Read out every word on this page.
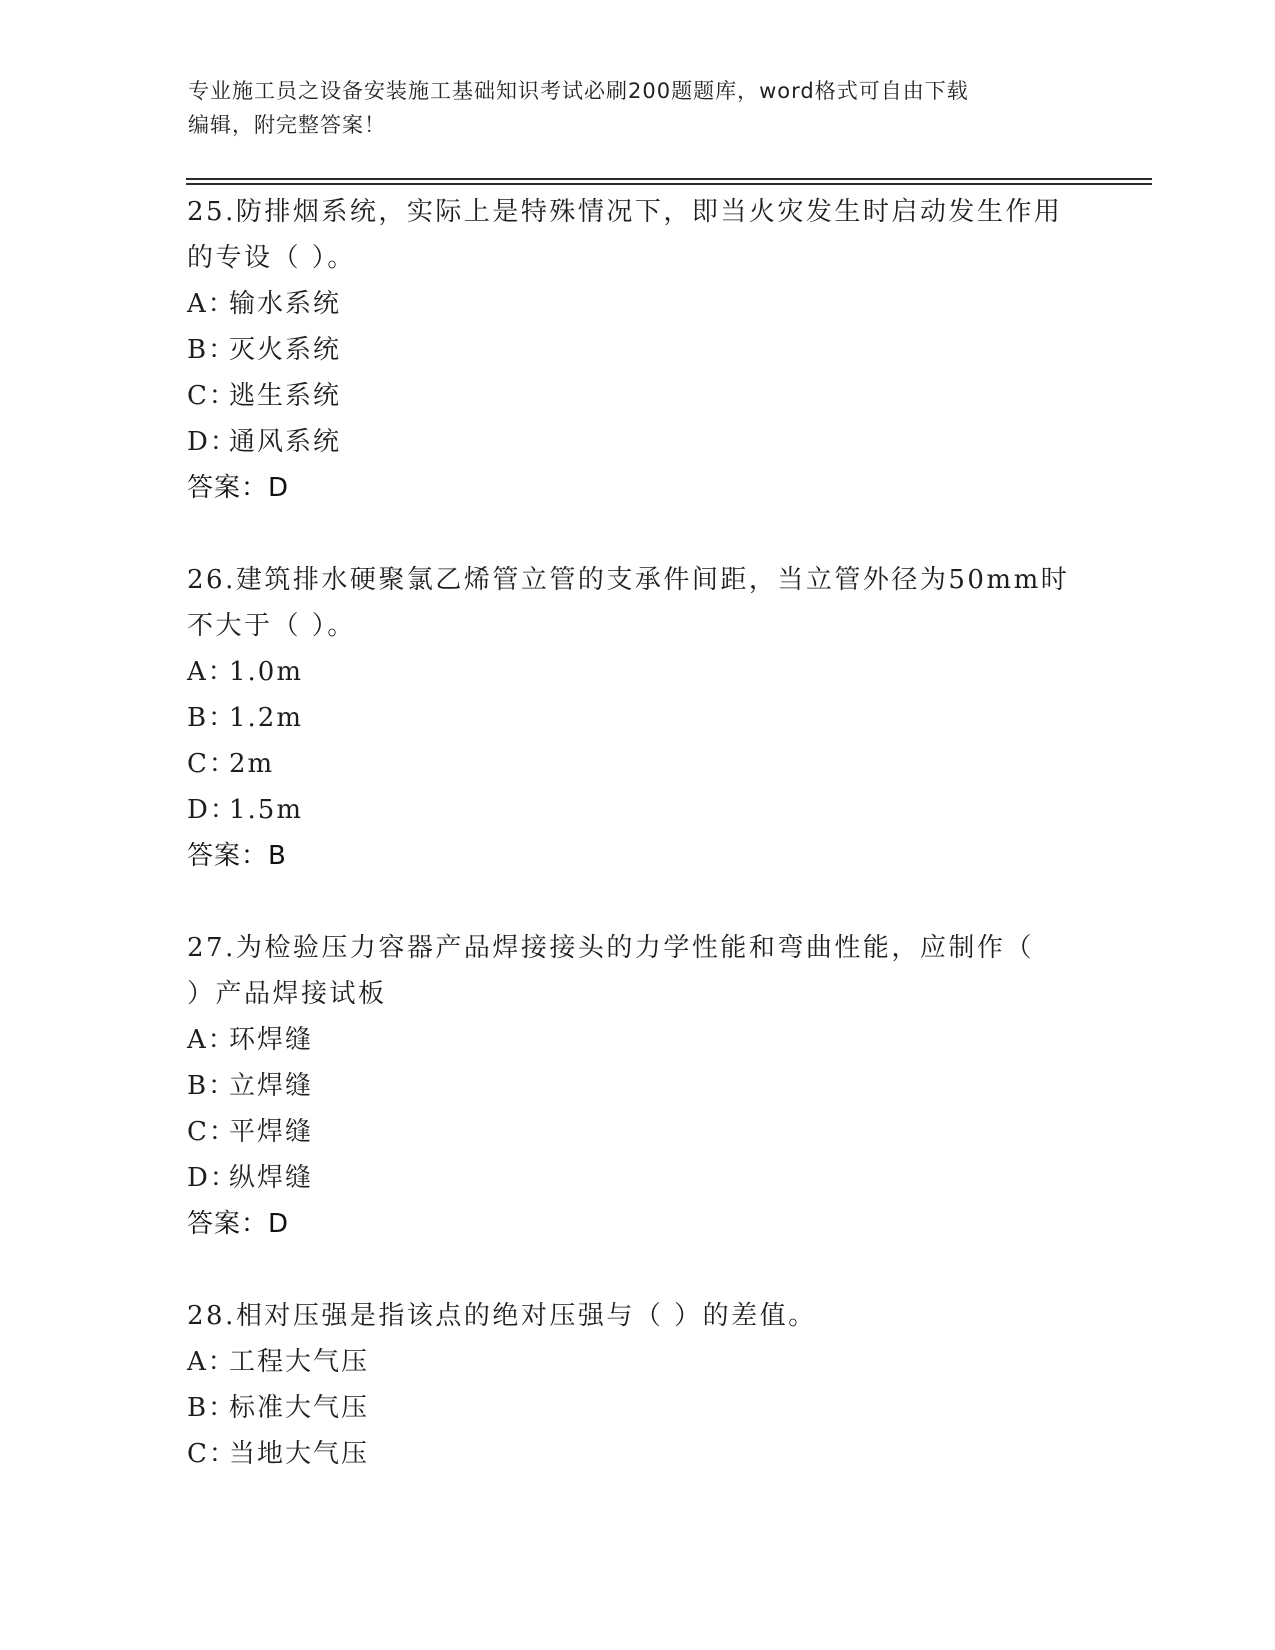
专业施工员之设备安装施工基础知识考试必刷200题题库，word格式可自由下载
编辑，附完整答案！
25.防排烟系统，实际上是特殊情况下，即当火灾发生时启动发生作用
的专设（ ）。
A：输水系统
B：灭火系统
C：逃生系统
D：通风系统
答案：D
26.建筑排水硬聚氯乙烯管立管的支承件间距，当立管外径为50mm时
不大于（ ）。
A：1.0m
B：1.2m
C：2m
D：1.5m
答案：B
27.为检验压力容器产品焊接接头的力学性能和弯曲性能，应制作（
）产品焊接试板
A：环焊缝
B：立焊缝
C：平焊缝
D：纵焊缝
答案：D
28.相对压强是指该点的绝对压强与（ ）的差值。
A：工程大气压
B：标准大气压
C：当地大气压
